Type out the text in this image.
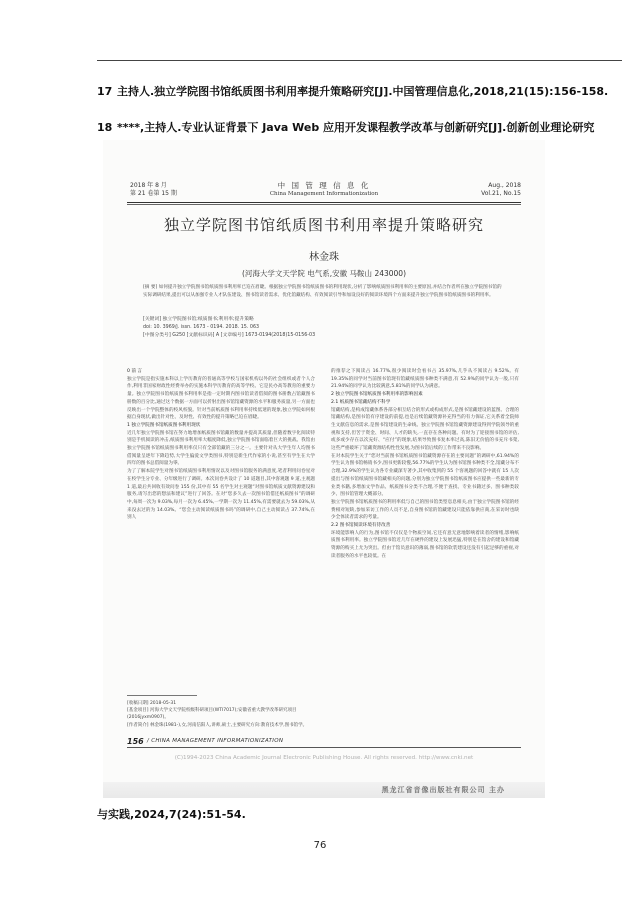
17 主持人.独立学院图书馆纸质图书利用率提升策略研究[J].中国管理信息化,2018,21(15):156-158.
18 ****,主持人.专业认证背景下 Java Web 应用开发课程教学改革与创新研究[J].创新创业理论研究
2018 年 8 月
第 21 卷第 15 期
中 国 管 理 信 息 化
China Management Informationization
Aug., 2018
Vol.21, No.15
独立学院图书馆纸质图书利用率提升策略研究
林金珠
(河海大学文天学院 电气系,安徽 马鞍山 243000)
[摘 要] 如何提升独立学院图书馆纸质图书利用率已迫在眉睫。根据独立学院图书馆纸质图书的利用现状,分析了影响纸质图书利用率的主要原因,并结合作者所在独立学院图书馆的实际调研结果,提出可以从加强专业人才队伍建设、图书馆读者需求、优化馆藏结构、有效阅读引导和加设良好的阅读环境四个方面来提升独立学院图书馆纸质图书的利用率。
[关键词] 独立学院图书馆;纸质图书;利用率;提升策略
doi: 10. 3969/j. issn. 1673 - 0194. 2018. 15. 063
[中图分类号] G250 [文献标识码] A [文章编号] 1673-0194(2018)15-0156-03

0 前 言

独立学院是指实施本科以上学历教育的普通高等学校与国家机构以外的社会组织或者个人合作,利用非国家财政性经费举办的实施本科学历教育的高等学校。它是民办高等教育的重要力量。独立学院图书馆纸质图书利用率是指一定时期内图书馆读者借阅的图书册数占馆藏图书册数的百分比,通过这个数据一方面可以折射出图书馆馆藏资源的水平和服务质量,另一方面也反映出一个学院整体的校风校貌。针对当前纸质图书利用率持续低迷的现象,独立学院如何根据自身现状,做出针对性、及时性、有效性的提升策略已迫在眉睫。

1 独立学院图书馆纸质图书利用现状

近几年独立学院图书馆在努力地增加纸质图书馆藏的数量并提高其质量,但随着数字化阅读特别是手机阅读的冲击,纸质图书利用率大幅度降低,独立学院图书馆面临着巨大的挑战。我馆由独立学院图书馆纸质图书利用率仅只有全部馆藏的三分之一。主要针对从大学生年人均图书借阅量呈逐年下降趋势,大学生偏爱文学类图书,特别是新生代作家的小说,甚至有学生在大学四年的图书总借阅量为零。

为了了解本院学生对图书馆纸质图书利用情况以及对图书馆服务的满意度,笔者利用问卷星对在校学生分专业、分年级进行了调研。本次问卷共设计了 10 道题目,其中客观题 9 道,主观题 1 道,最后共回收有效问卷 155 份,其中有 55 名学生对主观题“对图书馆纸质文献资源建设和服务,请写出您的想法和建议”进行了回答。在对“您多久去一次图书馆借还纸质图书”的调研中,每周一次为 9.03%,每月一次为 6.45%,一学期一次为 11.45%,有需要就去为 59.03%,从来没去过的为 14.03%。“您会主动阅读纸质图书吗”的调研中,自己主动阅读占 37.74%,在别人

的推荐之下阅读占 16.77%,很少阅读时会看书占 35.97%,几乎从不阅读占 9.52%。有 19.35%的同学对当前图书馆现有馆藏纸质图书种类不满意,有 52.9%的同学认为一般,只有 21.94%的同学认为比较满意,5.81%的同学认为满意。

2 独立学院图书馆纸质图书利用率的影响因素

2.1 纸质图书馆藏结构不科学

馆藏结构,是构成馆藏体系各部分相互结合的形式或构成形式,是图书馆藏建设的蓝图。合理的馆藏结构,是图书馆有序建设的前提,也是后续馆藏资源补充得当的有力保证,它关系着全院师生文献信息的需求,是图书馆建设的生命线。独立学院图书馆馆藏资源建设得到学院领导的重视和支持,但苦于资金、时间、人才的缺失,一直存在各种问题。有时为了迎接图书馆的评估,或多或少存在以次充好、“应付”的现象,结果导致图书复本率过高,陈旧无价值的书充斥书架,这些严重破坏了馆藏资源结构性性发展,为图书馆后续的工作带来不良影响。

在对本院学生关于“您对当前图书馆纸质图书馆藏资源存在的主要问题”的调研中,61.94%的学生认为图书馆畅销书少,图书更新较慢,56.77%的学生认为图书馆图书种类不全,馆藏分布不合理,32.9%的学生认为各专业藏深专著少,其中收集到的 55 个客观题的回答中就有 15 人次提出与图书馆纸质图书馆藏相关的问题,分别为独立学院图书馆纸质图书应提供一些最新的专业类书籍,多增加文学作品、纸质图书分类不合理,不便于查找、专业书籍过多、图书种类较少、图书馆管理大概部分。

独立学院图书馆纸质图书的利用率低与自己的图书馆类型息息相关,由于独立学院图书馆的经费相对短缺,参加采访工作的人员不足,自身图书馆的馆藏建设只能依靠供应商,在采访时也缺少全体读者需求的考量。

2.2 图书馆阅读环境有待改善

环境能影响人的行为,图书馆不仅仅是个物质空间,它还有意无意地影响着读者的情绪,影响纸质图书利用率。独立学院图书馆近几年在硬件的建设上发展迅猛,特别是在馆舍的建设和馆藏资源的购买上尤为突出。但由于馆员意识的薄弱,图书馆的软装建设还没有引起足够的重视,对读者服务的水平也较低。在

[收稿日期] 2018-05-31
[基金项目] 河海大学文天学院校级科研项目(WTI7017);安徽省重大教学改革研究项目(2016jyxm0907)。
[作者简介] 林金珠(1981-),女,河南信阳人,讲师,硕士,主要研究方向:教育技术学,图书馆学。
156 / CHINA MANAGEMENT INFORMATIONIZATION
(C)1994-2023 China Academic Journal Electronic Publishing House. All rights reserved. http://www.cnki.net
黑龙江省音像出版社有限公司 主办
与实践,2024,7(24):51-54.
76
